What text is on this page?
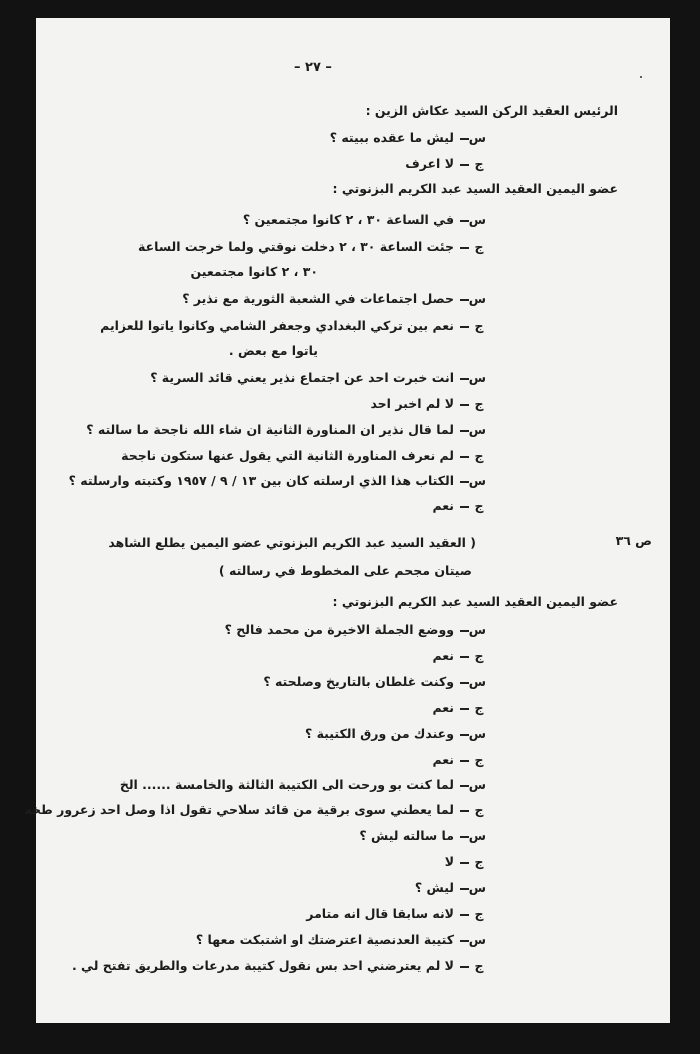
– ٢٧ –
الرئيس العقيد الركن السيد عكاش الزين :
س
ليش ما عقده ببيته ؟
ج
لا اعرف
عضو اليمين العقيد السيد عبد الكريم البزنوتي :
س
في الساعة ٣٠ ، ٢ كانوا مجتمعين ؟
ج
جئت الساعة ٣٠ ، ٢ دخلت نوقتي ولما خرجت الساعة
٣٠ ، ٢ كانوا مجتمعين
س
حصل اجتماعات في الشعبة الثورية مع نذير ؟
ج
نعم بين تركي البغدادي وجعفر الشامي وكانوا ياتوا للعزايم
ياتوا مع بعض .
س
انت خبرت احد عن اجتماع نذير يعني قائد السرية ؟
ج
لا لم اخبر احد
س
لما قال نذير ان المناورة الثانية ان شاء الله ناجحة ما سالته ؟
ج
لم نعرف المناورة الثانية التي يقول عنها ستكون ناجحة
س
الكتاب هذا الذي ارسلته كان بين ١٣ / ٩ / ١٩٥٧ وكتبته وارسلته ؟
ج
نعم
ص ٣٦
( العقيد السيد عبد الكريم البزنوتي عضو اليمين يطلع الشاهد
صيتان مجحم على المخطوط في رسالته )
عضو اليمين العقيد السيد عبد الكريم البزنوتي :
س
ووضع الجملة الاخيرة من محمد فالح ؟
ج
نعم
س
وكنت غلطان بالتاريخ وصلحته ؟
ج
نعم
س
وعندك من ورق الكتيبة ؟
ج
نعم
س
لما كنت بو ورحت الى الكتيبة الثالثة والخامسة ...... الخ
ج
لما يعطني سوى برقية من قائد سلاحي تقول اذا وصل احد زعرور طخه
س
ما سالته ليش ؟
ج
لا
س
ليش ؟
ج
لانه سابقا قال انه متامر
س
كتيبة العدنصية اعترضتك او اشتبكت معها ؟
ج
لا لم يعترضني احد بس نقول كتيبة مدرعات والطريق تفتح لي .
